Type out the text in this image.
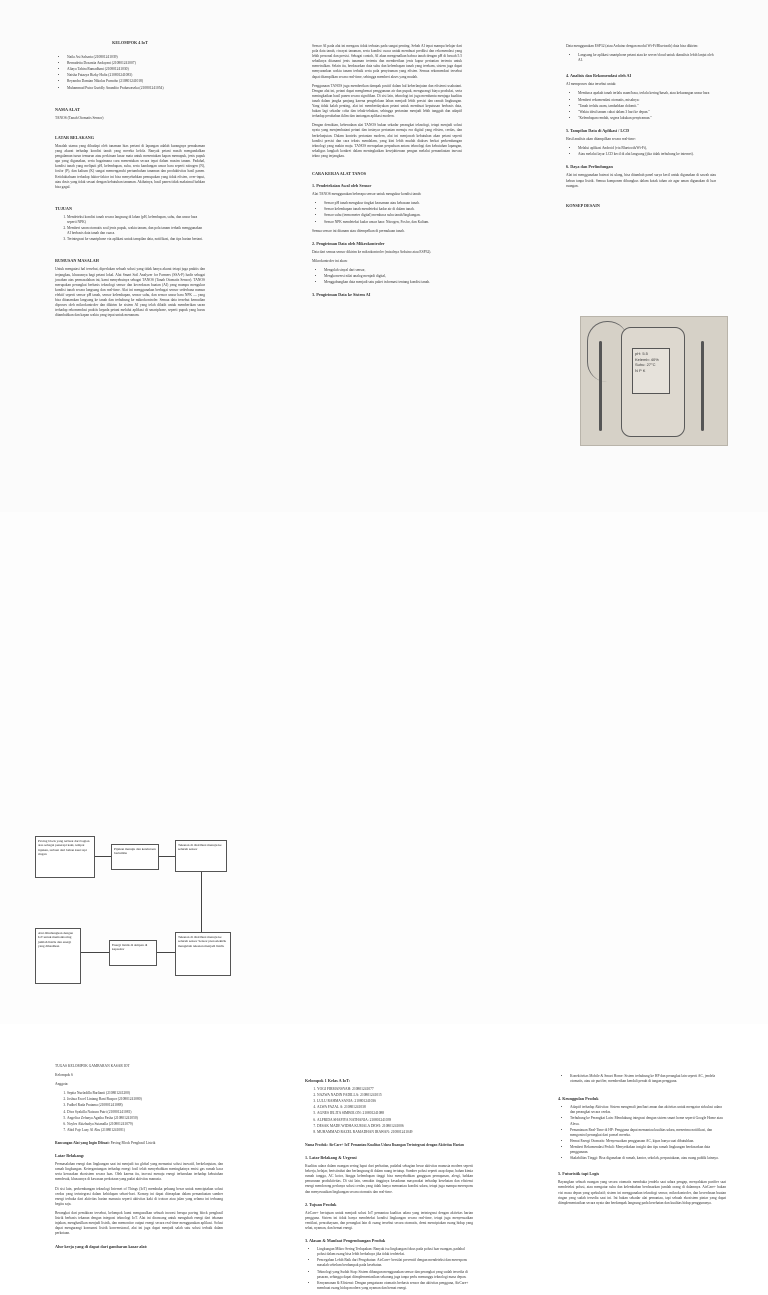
KELOMPOK 4 IoT
• Naila Asi Salsaria (210801241039)
• Bernadetta Dosantia Andayani (210801241007)
• Aliaya Tahira Ramadhani (210801241030)
• Naisha Fatazya Rizky Hafiz (210801241083)
• Reyandra Damian Nikolas Purnoho (210801241018)
• Muhammad Putra Guridly Anandito Prabawaseka (210801241054)
NAMA ALAT

TANOS (Tanah Otomatis Sensor)

LATAR BELAKANG

Masalah utama yang dihadapi oleh tanaman hias pertani di lapangan adalah kurangnya pemahaman yang akurat terhadap kondisi tanah yang mereka kelola. Banyak petani masih mengandalkan pengalaman turun temurun atau perkiraan kasar mata untuk menentukan kapan memupuk, jenis pupuk apa yang digunakan, serta bagaimana cara menentukan secara tepat dalam musim tanam. Padahal, kondisi tanah yang meliputi pH, kelembapan, suhu, serta kandungan unsur hara seperti nitrogen (N), fosfor (P), dan kalium (K) sangat memengaruhi pertumbuhan tanaman dan produktivitas hasil panen. Ketidaktahuan terhadap faktor-faktor ini bisa menyebabkan pemupukan yang tidak efisien, over-input, atau dosis yang tidak sesuai dengan kebutuhan tanaman. Akibatnya, hasil panen tidak maksimal bahkan bisa gagal.

TUJUAN
1. Mendeteksi kondisi tanah secara langsung di lahan (pH, kelembapan, suhu, dan unsur hara seperti NPK)
2. Memberi saran otomatis soal jenis pupuk, waktu tanam, dan pola tanam terbaik menggunakan AI berbasis data tanah dan cuaca.
3. Terintegrasi ke smartphone via aplikasi untuk tampilan data, notifikasi, dan tips harian bertani.
RUMUSAN MASALAH

Untuk mengatasi hal tersebut, diperlukan sebuah solusi yang tidak hanya akurat tetapi juga praktis dan terjangkau, khususnya bagi petani lokal. Alat Smart Soil Analyzer for Farmers (SSA-F) hadir sebagai jawaban atas permasalahan ini, kami menyebutnya sebagai TANOS (Tanah Otomatis Sensor). TANOS merupakan perangkat berbasis teknologi sensor dan kecerdasan buatan (AI) yang mampu mengukur kondisi tanah secara langsung dan real-time. Alat ini menggunakan berbagai sensor sederhana namun efektif seperti sensor pH tanah, sensor kelembapan, sensor suhu, dan sensor unsur hara NPK — yang bisa ditanamkan langsung ke tanah dan terhubung ke mikrokontroler. Semua data tersebut kemudian diproses oleh mikrokontroler dan dikirim ke sistem AI yang telah dilatih untuk memberikan saran terhadap rekomendasi praktis kepada petani melalui aplikasi di smartphone, seperti pupuk yang harus ditambahkan dan kapan waktu yang tepat untuk menanam.

Sensor AI pada alat ini mengacu tidak terbatas pada sangat penting. Sebab AI tepat mampu belajar dari pola data tanah, riwayat tanaman, serta kondisi cuaca untuk membuat prediksi dan rekomendasi yang lebih personal dan presisi. Sebagai contoh, AI akan mengenalkan bahwa tanah dengan pH di bawah 5.5 sebaiknya ditanami jenis tanaman tertentu dan memberikan jenis kapur pertanian tertentu untuk menetralkan. Selain itu, berdasarkan data suhu dan kelembapan tanah yang terekam, sistem juga dapat menyarankan waktu tanam terbaik serta pola penyiraman yang efisien. Semua rekomendasi tersebut dapat ditampilkan secara real-time, sehingga memberi akses yang mudah.

Penggunaan TANOS juga memberikan dampak positif dalam hal keberlanjutan dan efisiensi usahatani. Dengan alat ini, petani dapat menghemat penggunaan air dan pupuk, mengurangi biaya produksi, serta meningkatkan hasil panen secara signifikan. Di sisi lain, teknologi ini juga membantu menjaga kualitas tanah dalam jangka panjang karena pengelolaan lahan menjadi lebih presisi dan ramah lingkungan. Yang tidak kalah penting, alat ini memberdayakan petani untuk membuat keputusan berbasis data, bukan lagi sekadar coba dan tebak-tebakan, sehingga pertanian menjadi lebih tangguh dan adaptif terhadap perubahan iklim dan tantangan aplikasi modern.

Dengan demikian, keberadaan alat TANOS bukan sekadar perangkat teknologi, tetapi menjadi solusi nyata yang menjembatani petani dan insinyur pertanian menuju era digital yang efisien, cerdas, dan berkelanjutan. Dalam konteks pertanian modern, alat ini menjawab kebutuhan akan petani seperti kondisi presisi dan cara teknis mendalam, yang kini lebih mudah diakses berkat perkembangan teknologi yang makin maju. TANOS merupakan perpaduan antara teknologi dan kebutuhan lapangan, sekaligus langkah konkret dalam meningkatkan kesejahteraan pengan melalui pemanfaatan inovasi tekno yang terjangkau.

CARA KERJA ALAT TANOS
1. Pendeteksian Awal oleh Sensor

Alat TANOS menggunakan beberapa sensor untuk mengukur kondisi tanah:

• Sensor pH tanah mengukur tingkat keasaman atau kebasaan tanah.
• Sensor kelembapan tanah mendeteksi kadar air di dalam tanah.
• Sensor suhu (termometer digital) membaca suhu tanah/lingkungan.
• Sensor NPK mendeteksi kadar unsur hara: Nitrogen, Fosfor, dan Kalium.

Semua sensor ini ditanam atau ditempelkan di permukaan tanah.

2. Pengiriman Data oleh Mikrokontroler

Data dari semua sensor dikirim ke mikrokontroler (misalnya Arduino atau ESP32).

Mikrokontroler ini akan:

• Mengolah sinyal dari sensor,
• Mengkonversi nilai analog menjadi digital,
• Menggabungkan data menjadi satu paket informasi tentang kondisi tanah.
3. Pengiriman Data ke Sistem AI

Data menggunakan ESP32 (atau Arduino dengan modul Wi-Fi/Bluetooth) data bisa dikirim:

• Langsung ke aplikasi smartphone petani atau ke server/cloud untuk dianalisis lebih lanjut oleh AI.
4. Analisis dan Rekomendasi oleh AI

AI memproses data tersebut untuk:

• Membaca apakah tanah terlalu asam/basa, terlalu kering/basah, atau kekurangan unsur hara
• Memberi rekomendasi otomatis, misalnya:
• "Tanah terlalu asam, tambahkan dolomit."
• "Waktu ideal tanam cabai dalam 3 hari ke depan."
• "Kelembapan rendah, segera lakukan penyiraman."
5. Tampilan Data di Aplikasi / LCD

Hasil analisis akan ditampilkan secara real-time:

• Melalui aplikasi Android (via Bluetooth/Wi-Fi),
• Atau melalui layar LCD kecil di alat langsung (jika tidak terhubung ke internet).
6. Daya dan Perlindungan

Alat ini menggunakan baterai isi ulang, bisa ditambah panel surya kecil untuk digunakan di sawah atau kebun tanpa listrik. Semua komponen dibungkus dalam kotak tahan air agar aman digunakan di luar ruangan.

KONSEP DESAIN
pH: 5.5
Kelemb: 40%
Suhu: 27°C
N P K

TUGAS KELOMPOK GAMBARAN KASAR IOT

Kelompok 6

Anggota:

1. Septia Nurfadilla Barlianti (210801241200)
2. Joshua Excel Lintang Bani Buspor (210801241080)
3. Fadhel Rada Pratama (210801241088)
4. Diva Syakilla Naisura Putri (210801241081)
5. Angelica Zefanya Agatha Pasha (210801241050)
6. Noyles Akizhudya Sutanalla (210801241079)
7. Abid Fajr Lazy Al Abu (210801241081)

Rancangan Alat yang Ingin Dibuat: Paving Block Penghasil Listrik

Latar Belakang:

Permasalahan energi dan lingkungan saat ini menjadi isu global yang menuntut solusi inovatif, berkelanjutan, dan ramah lingkungan. Ketergantungan terhadap energi fosil telah menyebabkan meningkatnya emisi gas rumah kaca serta kerusakan ekosistem secara luas. Oleh karena itu, inovasi menuju energi terbarukan terhadap kebutuhan mendesak, khususnya di kawasan perkotaan yang padat aktivitas manusia.

Di sisi lain, perkembangan teknologi Internet of Things (IoT) membuka peluang besar untuk menciptakan solusi cerdas yang terintegrasi dalam kehidupan sehari-hari. Konsep ini dapat diterapkan dalam pemanfaatan sumber energi terbuka dari aktivitas harian manusia seperti aktivitas kaki di trotoar atau jalan yang selama ini terbuang begitu saja.

Berangkat dari pemikiran tersebut, kelompok kami mengusulkan sebuah inovasi berupa paving block penghasil listrik berbasis tekanan dengan integrasi teknologi IoT. Alat ini dirancang untuk mengubah energi dari tekanan injakan, menghasilkan menjadi listrik, dan memonitor output energi secara real-time menggunakan aplikasi. Solusi dapat mengurangi konsumsi listrik konvensional, alat ini juga dapat menjadi salah satu solusi terbaik dalam perkotaan.

Alur kerja yang di dapat dari gambaran kasar alat:
Paving block yang terbuat dari bagian atas sebagai penerapi kaki, tempat injakan, terbuat dari bahan kuat tapi ringan
Pijakan menuju dan kendaraan bertumbu
Tekanan di distribusi menuju ke seluruh sensor
Alat dihubungkan dengan IoT untuk memonitoring jumlah listrik dan energi yang dihasilkan	Energi listrik di simpan di kapasitor
Tekanan di distribusi menuju ke seluruh sensor Sensor piezoelektrik mengubah tekanan menjadi listrik
Kelompok 1 Kelas A IoT:
1. YOGI FIRMANSYAH: 210801241077
2. NAZWA NADIN FADILLA: 210801241015
3. LULU RAHMA SANIA: 210801241036
4. ALWA FAZAL A: 210801241038
5. AGNES IELITA SIMBOLON: 210801241088
6. ALFRIDA SHAFIYA NATHANIA: 210801241039
7. DESAK MADE WIDHA KUMALA DEWI: 210801241006
8. MUHAMMAD RAZEL RAMADHAN IRAWAN: 210801241049

Nama Produk: AirCare+ IoT Pemantau Kualitas Udara Ruangan Terintegrasi dengan Aktivitas Harian

1. Latar Belakang & Urgensi

Kualitas udara dalam ruangan sering luput dari perhatian, padahal sebagian besar aktivitas manusia modern seperti bekerja, belajar, beristirahat dan berlangsung di dalam ruang tertutup. Sumber polusi seperti asap dapur, bahan kimia rumah tangga, AC kotor, hingga kelembapan tinggi bisa menyebabkan gangguan pernapasan, alergi, bahkan penurunan produktivitas. Di sisi lain, semakin tingginya kesadaran masyarakat terhadap kesehatan dan efisiensi energi mendorong perlunya solusi cerdas yang tidak hanya memantau kondisi udara, tetapi juga mampu merespons dan menyesuaikan lingkungan secara otomatis dan real-time.

2. Tujuan Produk

AirCare+ bertujuan untuk menjadi solusi IoT pemantau kualitas udara yang terintegrasi dengan aktivitas harian pengguna. Sistem ini tidak hanya mendeteksi kondisi lingkungan secara real-time, tetapi juga menyesuaikan ventilasi, pencahayaan, dan perangkat lain di ruang tersebut secara otomatis, demi menciptakan ruang hidup yang sehat, nyaman, dan hemat energi.

3. Alasan & Manfaat Pengembangan Produk
• Lingkungan Mikro Sering Terlupakan: Banyak isu lingkungan fokus pada polusi luar ruangan, padahal polusi dalam ruang bisa lebih berbahaya jika tidak terdeteksi.
• Pencegahan Lebih Baik dari Pengobatan: AirCare+ bersifat preventif dengan mendeteksi dan merespons masalah sebelum berdampak pada kesehatan.
• Teknologi yang Sudah Siap: Sistem dibangun menggunakan sensor dan perangkat yang sudah tersedia di pasaran, sehingga dapat diimplementasikan sekarang juga tanpa perlu menunggu teknologi masa depan.
• Kenyamanan & Efisiensi: Dengan pengaturan otomatis berbasis sensor dan aktivitas pengguna, AirCare+ membuat ruang hidup modern yang nyaman dan hemat energi.
• Konektivitas Mobile & Smart Home: Sistem terhubung ke HP dan perangkat lain seperti AC, jendela otomatis, atau air purifier, memberikan kendali penuh di tangan pengguna.
4. Keunggulan Produk
• Adaptif terhadap Aktivitas: Sistem mengenali jam/hari aman dan aktivitas untuk mengatur sirkulasi udara dan perangkat secara cerdas.
• Terhubung ke Perangkat Lain: Mendukung integrasi dengan sistem smart home seperti Google Home atau Alexa.
• Pemantauan Real-Time di HP: Pengguna dapat memantau kualitas udara, menerima notifikasi, dan mengontrol perangkat dari ponsel mereka.
• Hemat Energi Otomatis: Menyesuaikan penggunaan AC, kipas hanya saat dibutuhkan.
• Memberi Rekomendasi Peduli: Menyediakan insight dan tips ramah lingkungan berdasarkan data penggunaan.
• Skalabilitas Tinggi: Bisa digunakan di rumah, kantor, sekolah, perpustakaan, atau ruang publik lainnya.
5. Futuristik tapi Logis

Bayangkan sebuah ruangan yang secara otomatis membuka jendela saat udara pengap, menyalakan purifier saat mendeteksi polusi, atau mengatur suhu dan kelembaban berdasarkan jumlah orang di dalamnya. AirCare+ bukan visi masa depan yang spekulatif; sistem ini menggunakan teknologi sensor, mikrokontroler, dan kecerdasan buatan ringan yang sudah tersedia saat ini. Ini bukan sekadar alat pemantau, tapi sebuah ekosistem pintar yang dapat diimplementasikan secara nyata dan berdampak langsung pada kesehatan dan kualitas hidup penggunanya.
